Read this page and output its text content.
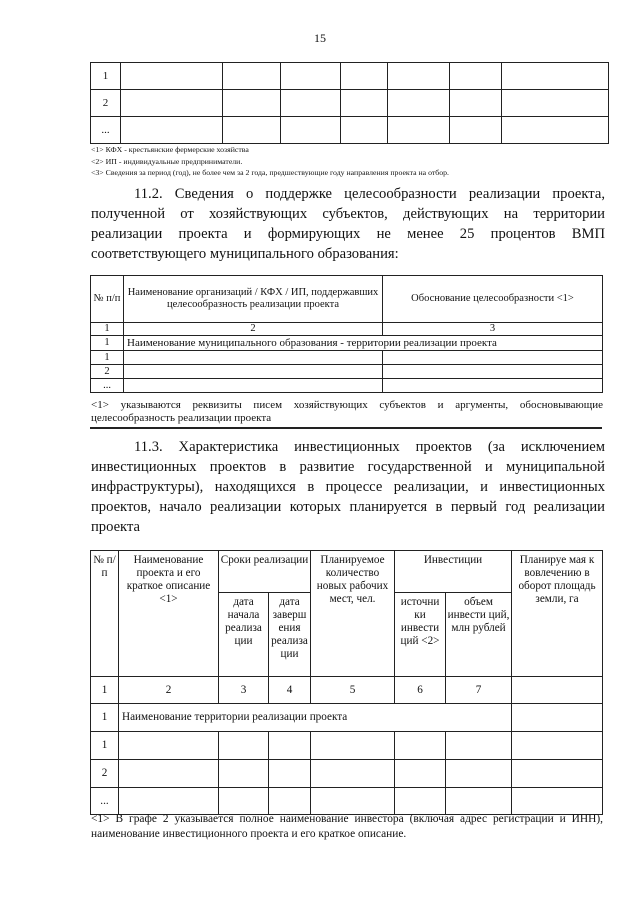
15
1							
2							
...							
<1> КФХ - крестьянские фермерские хозяйства
<2> ИП - индивидуальные предприниматели.
<3> Сведения за период (год), не более чем за 2 года, предшествующие году направления проекта на отбор.
11.2. Сведения о поддержке целесообразности реализации проекта, полученной от хозяйствующих субъектов, действующих на территории реализации проекта и формирующих не менее 25 процентов ВМП соответствующего муниципального образования:
№ п/п	Наименование организаций / КФХ / ИП, поддержавших целесообразность реализации проекта	Обоснование целесообразности <1>
1	2	3
1	Наименование муниципального образования - территории реализации проекта	
1		
2		
...		
<1> указываются реквизиты писем хозяйствующих субъектов и аргументы, обосновывающие целесообразность реализации проекта
11.3. Характеристика инвестиционных проектов (за исключением инвестиционных проектов в развитие государственной и муниципальной инфраструктуры), находящихся в процессе реализации, и инвестиционных проектов, начало реализации которых планируется в первый год реализации проекта
№ п/п	Наименование проекта и его краткое описание <1>	Сроки реализации		Планируемое количество новых рабочих мест, чел.	Инвестиции		Планируе мая к вовлечению в оборот площадь земли, га
		дата начала реализа ции	дата заверш ения реализа ции		источни ки инвести ций <2>	объем инвести ций, млн рублей	
1	2	3	4	5	6	7	
1	Наименование территории реализации проекта						
1							
2							
...							
<1> В графе 2 указывается полное наименование инвестора (включая адрес регистрации и ИНН), наименование инвестиционного проекта и его краткое описание.
